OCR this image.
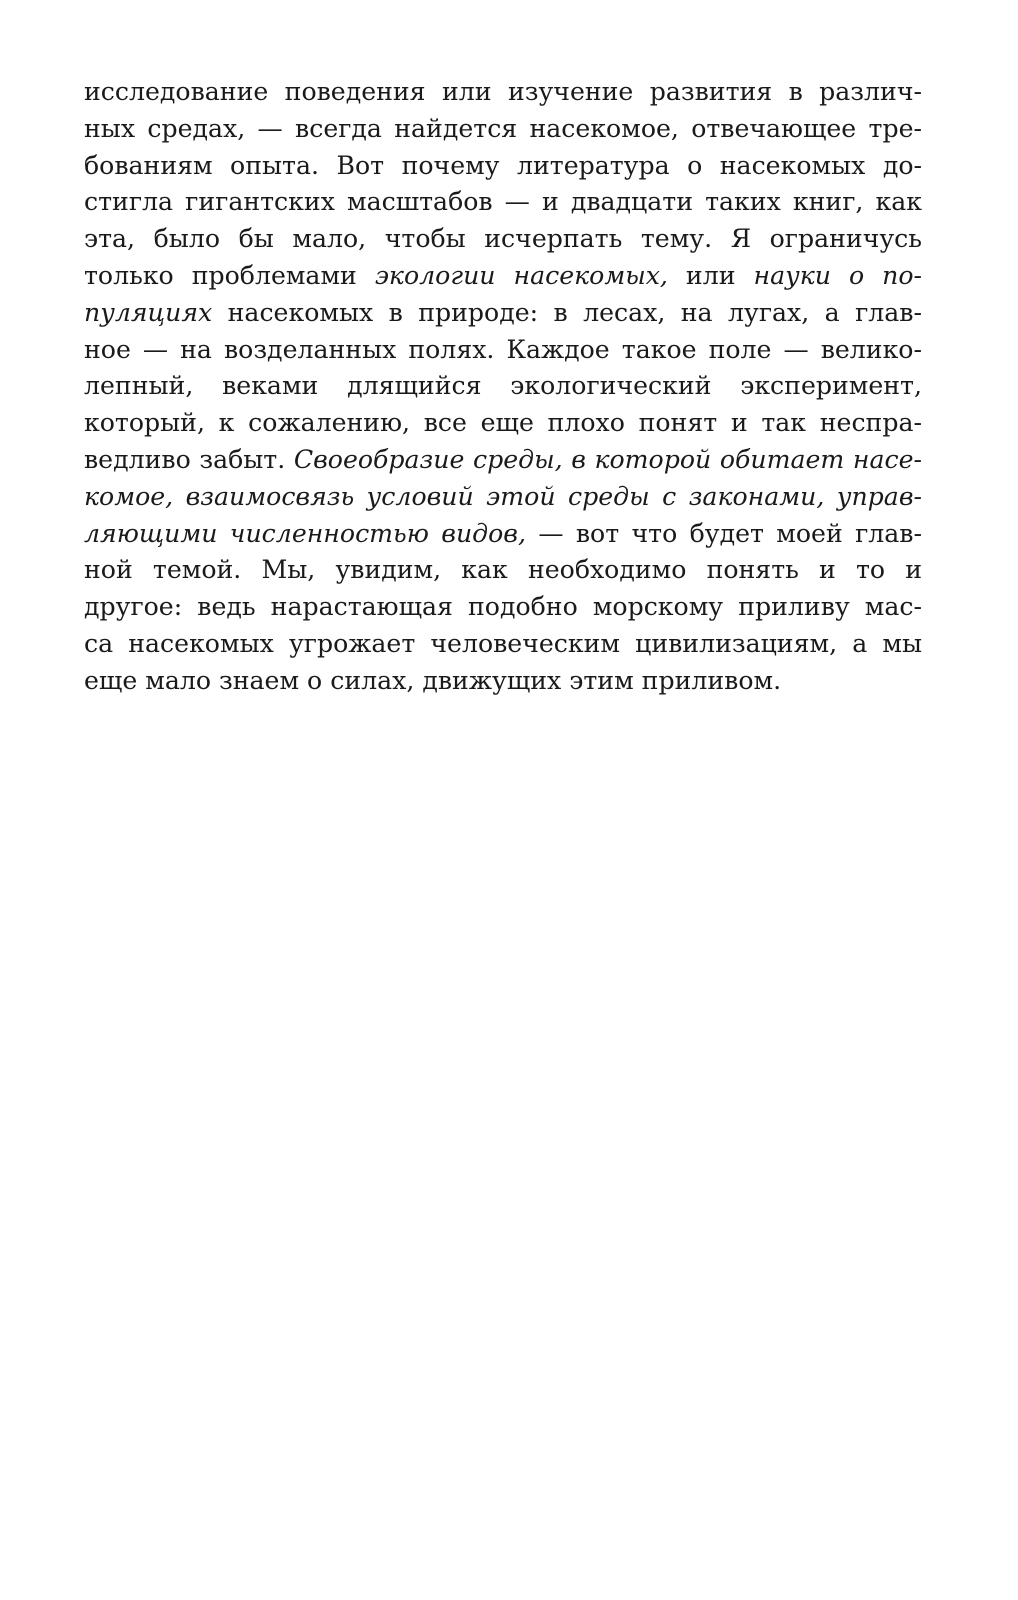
исследование поведения или изучение развития в различ-
ных средах, — всегда найдется насекомое, отвечающее тре-
бованиям опыта. Вот почему литература о насекомых до-
стигла гигантских масштабов — и двадцати таких книг, как
эта, было бы мало, чтобы исчерпать тему. Я ограничусь
только проблемами экологии насекомых, или науки о по-
пуляциях насекомых в природе: в лесах, на лугах, а глав-
ное — на возделанных полях. Каждое такое поле — велико-
лепный, веками длящийся экологический эксперимент,
который, к сожалению, все еще плохо понят и так неспра-
ведливо забыт. Своеобразие среды, в которой обитает насе-
комое, взаимосвязь условий этой среды с законами, управ-
ляющими численностью видов, — вот что будет моей глав-
ной темой. Мы, увидим, как необходимо понять и то и
другое: ведь нарастающая подобно морскому приливу мас-
са насекомых угрожает человеческим цивилизациям, а мы
еще мало знаем о силах, движущих этим приливом.
